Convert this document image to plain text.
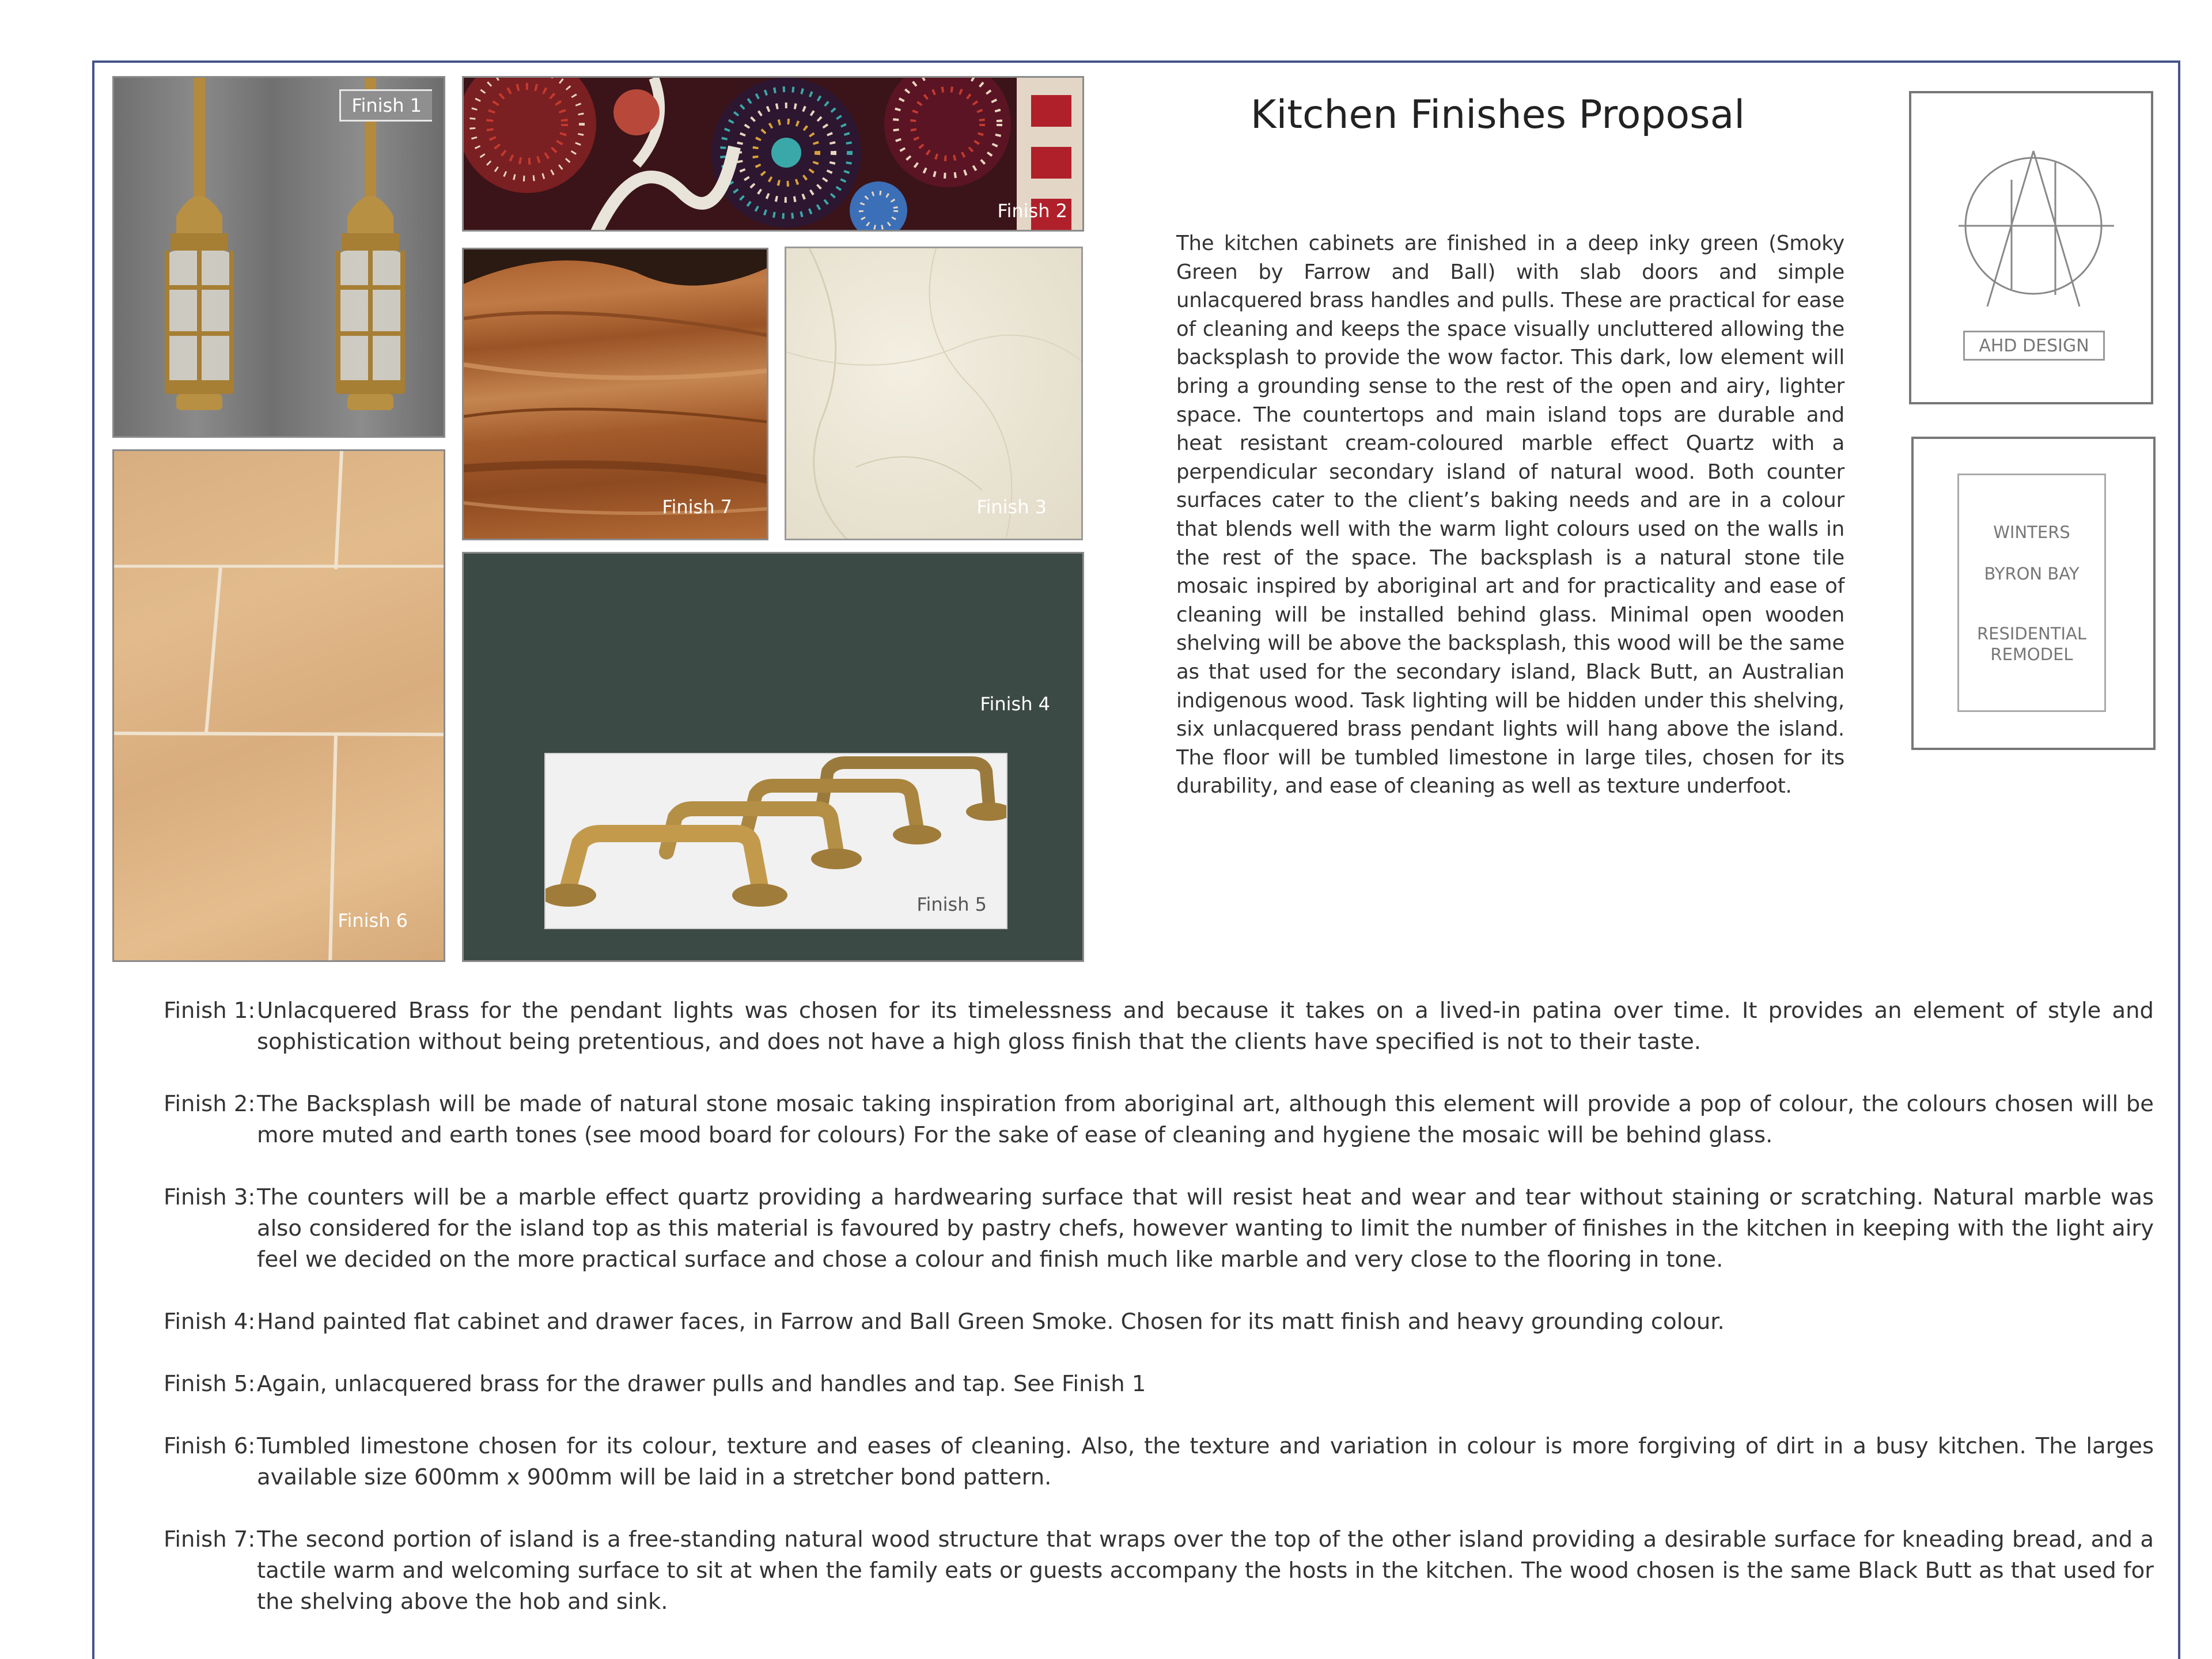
Finish 1
Finish 2
Finish 7	Finish 3
Finish 4
Finish 5
Finish 6
Kitchen Finishes Proposal

The kitchen cabinets are finished in a deep inky green (Smoky Green by Farrow and Ball) with slab doors and simple unlacquered brass handles and pulls. These are practical for ease of cleaning and keeps the space visually uncluttered allowing the backsplash to provide the wow factor. This dark, low element will bring a grounding sense to the rest of the open and airy, lighter space. The countertops and main island tops are durable and heat resistant cream-coloured marble effect Quartz with a perpendicular secondary island of natural wood. Both counter surfaces cater to the client’s baking needs and are in a colour that blends well with the warm light colours used on the walls in the rest of the space. The backsplash is a natural stone tile mosaic inspired by aboriginal art and for practicality and ease of cleaning will be installed behind glass. Minimal open wooden shelving will be above the backsplash, this wood will be the same as that used for the secondary island, Black Butt, an Australian indigenous wood. Task lighting will be hidden under this shelving, six unlacquered brass pendant lights will hang above the island. The floor will be tumbled limestone in large tiles, chosen for its durability, and ease of cleaning as well as texture underfoot.

AHD DESIGN
WINTERS
BYRON BAY
RESIDENTIAL
REMODEL
Finish 1: Unlacquered Brass for the pendant lights was chosen for its timelessness and because it takes on a lived-in patina over time. It provides an element of style and sophistication without being pretentious, and does not have a high gloss finish that the clients have specified is not to their taste.
Finish 2: The Backsplash will be made of natural stone mosaic taking inspiration from aboriginal art, although this element will provide a pop of colour, the colours chosen will be more muted and earth tones (see mood board for colours) For the sake of ease of cleaning and hygiene the mosaic will be behind glass.
Finish 3: The counters will be a marble effect quartz providing a hardwearing surface that will resist heat and wear and tear without staining or scratching. Natural marble was also considered for the island top as this material is favoured by pastry chefs, however wanting to limit the number of finishes in the kitchen in keeping with the light airy feel we decided on the more practical surface and chose a colour and finish much like marble and very close to the flooring in tone.
Finish 4: Hand painted flat cabinet and drawer faces, in Farrow and Ball Green Smoke. Chosen for its matt finish and heavy grounding colour.
Finish 5: Again, unlacquered brass for the drawer pulls and handles and tap. See Finish 1
Finish 6: Tumbled limestone chosen for its colour, texture and eases of cleaning. Also, the texture and variation in colour is more forgiving of dirt in a busy kitchen. The larges available size 600mm x 900mm will be laid in a stretcher bond pattern.
Finish 7: The second portion of island is a free-standing natural wood structure that wraps over the top of the other island providing a desirable surface for kneading bread, and a tactile warm and welcoming surface to sit at when the family eats or guests accompany the hosts in the kitchen. The wood chosen is the same Black Butt as that used for the shelving above the hob and sink.
